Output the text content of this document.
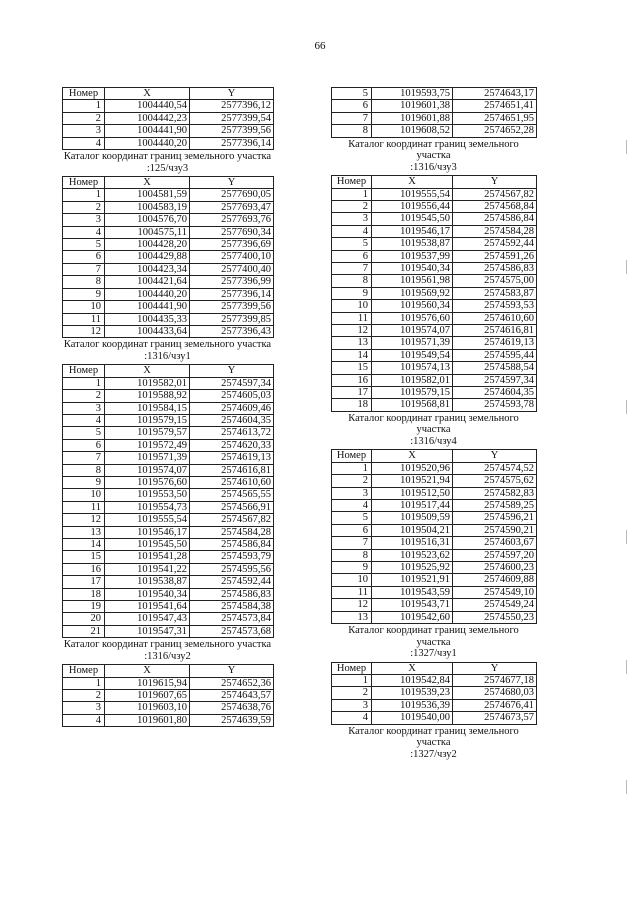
66
Номер	X	Y
1	1004440,54	2577396,12
2	1004442,23	2577399,54
3	1004441,90	2577399,56
4	1004440,20	2577396,14
Каталог координат границ земельного участка
:125/чзу3
Номер	X	Y
1	1004581,59	2577690,05
2	1004583,19	2577693,47
3	1004576,70	2577693,76
4	1004575,11	2577690,34
5	1004428,20	2577396,69
6	1004429,88	2577400,10
7	1004423,34	2577400,40
8	1004421,64	2577396,99
9	1004440,20	2577396,14
10	1004441,90	2577399,56
11	1004435,33	2577399,85
12	1004433,64	2577396,43
Каталог координат границ земельного участка
:1316/чзу1
Номер	X	Y
1	1019582,01	2574597,34
2	1019588,92	2574605,03
3	1019584,15	2574609,46
4	1019579,15	2574604,35
5	1019579,57	2574613,72
6	1019572,49	2574620,33
7	1019571,39	2574619,13
8	1019574,07	2574616,81
9	1019576,60	2574610,60
10	1019553,50	2574565,55
11	1019554,73	2574566,91
12	1019555,54	2574567,82
13	1019546,17	2574584,28
14	1019545,50	2574586,84
15	1019541,28	2574593,79
16	1019541,22	2574595,56
17	1019538,87	2574592,44
18	1019540,34	2574586,83
19	1019541,64	2574584,38
20	1019547,43	2574573,84
21	1019547,31	2574573,68
Каталог координат границ земельного участка
:1316/чзу2
Номер	X	Y
1	1019615,94	2574652,36
2	1019607,65	2574643,57
3	1019603,10	2574638,76
4	1019601,80	2574639,59
5	1019593,75	2574643,17
6	1019601,38	2574651,41
7	1019601,88	2574651,95
8	1019608,52	2574652,28
Каталог координат границ земельного участка
:1316/чзу3
Номер	X	Y
1	1019555,54	2574567,82
2	1019556,44	2574568,84
3	1019545,50	2574586,84
4	1019546,17	2574584,28
5	1019538,87	2574592,44
6	1019537,99	2574591,26
7	1019540,34	2574586,83
8	1019561,98	2574575,00
9	1019569,92	2574583,87
10	1019560,34	2574593,53
11	1019576,60	2574610,60
12	1019574,07	2574616,81
13	1019571,39	2574619,13
14	1019549,54	2574595,44
15	1019574,13	2574588,54
16	1019582,01	2574597,34
17	1019579,15	2574604,35
18	1019568,81	2574593,78
Каталог координат границ земельного участка
:1316/чзу4
Номер	X	Y
1	1019520,96	2574574,52
2	1019521,94	2574575,62
3	1019512,50	2574582,83
4	1019517,44	2574589,25
5	1019509,59	2574596,21
6	1019504,21	2574590,21
7	1019516,31	2574603,67
8	1019523,62	2574597,20
9	1019525,92	2574600,23
10	1019521,91	2574609,88
11	1019543,59	2574549,10
12	1019543,71	2574549,24
13	1019542,60	2574550,23
Каталог координат границ земельного участка
:1327/чзу1
Номер	X	Y
1	1019542,84	2574677,18
2	1019539,23	2574680,03
3	1019536,39	2574676,41
4	1019540,00	2574673,57
Каталог координат границ земельного участка
:1327/чзу2
